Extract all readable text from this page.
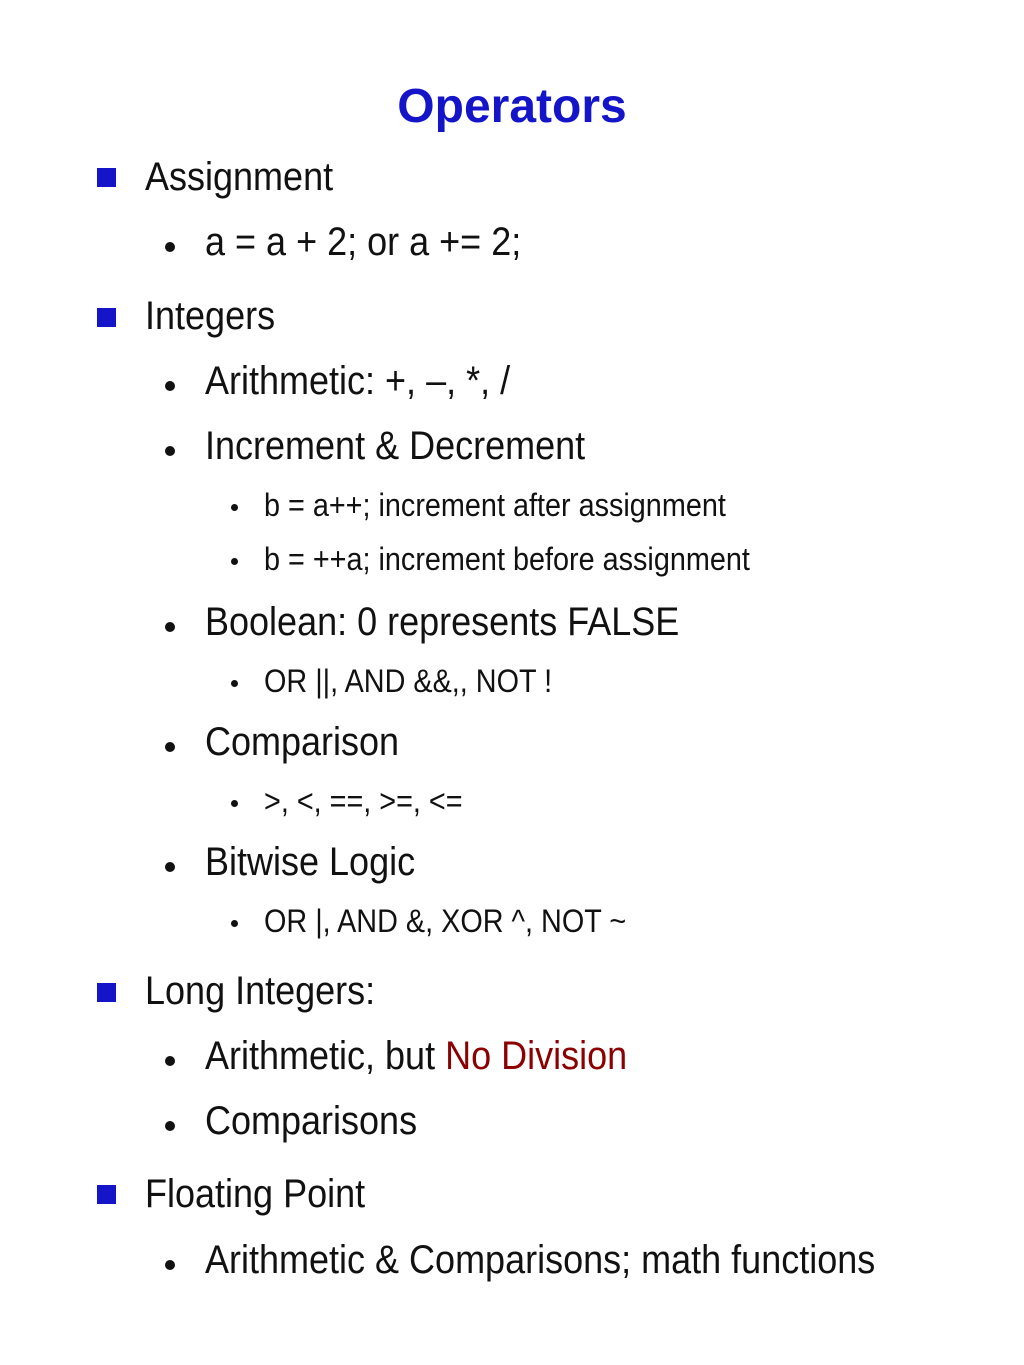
Operators
Assignment
a = a + 2; or a += 2;
Integers
Arithmetic: +, –, *, /
Increment & Decrement
b = a++; increment after assignment
b = ++a; increment before assignment
Boolean: 0 represents FALSE
OR ||, AND &&,, NOT !
Comparison
>, <, ==, >=, <=
Bitwise Logic
OR |, AND &, XOR ^, NOT ~
Long Integers:
Arithmetic, but No Division
Comparisons
Floating Point
Arithmetic & Comparisons; math functions
